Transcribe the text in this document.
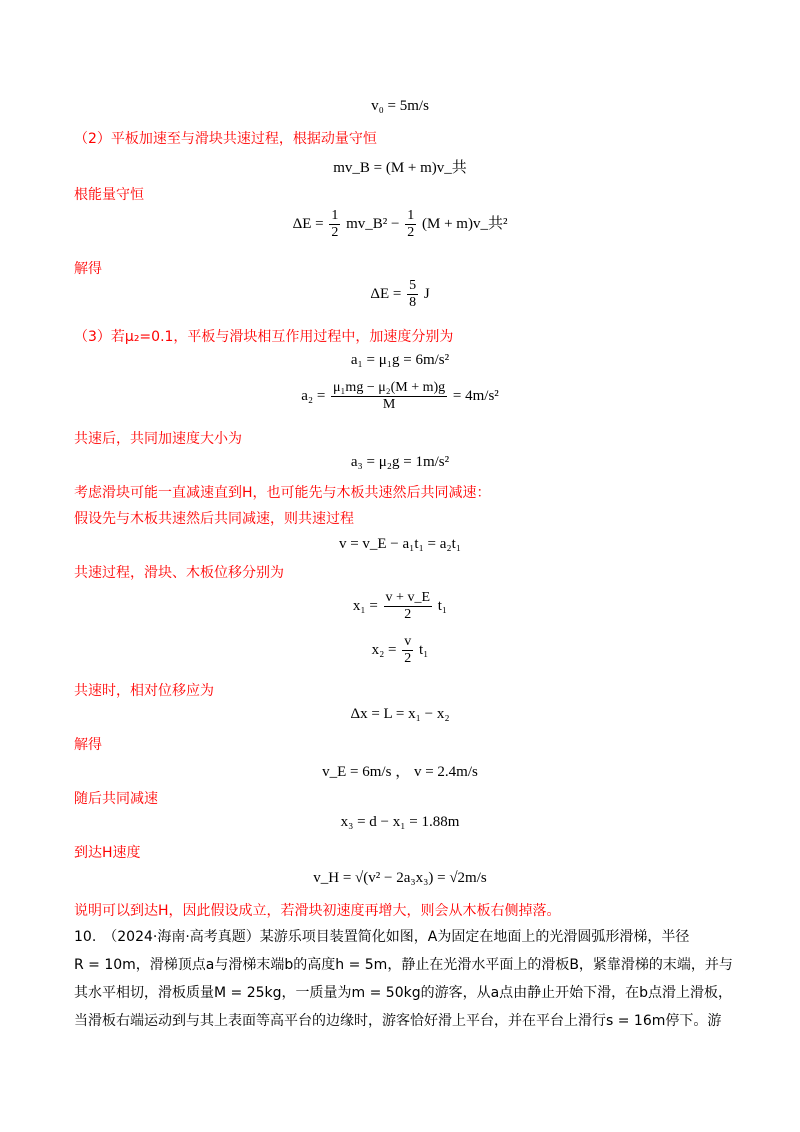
v₀ = 5m/s
（2）平板加速至与滑块共速过程，根据动量守恒
mv_B = (M + m)v_共
根能量守恒
$\Delta E = \frac{1}{2}$ mv_B² − $\frac{1}{2} (M$ + m)v_共²
解得
$\Delta E = \frac{5}{8}$ J
（3）若μ₂=0.1，平板与滑块相互作用过程中，加速度分别为
a₁ = μ₁g = 6m/s²
$a_2 = \frac{\text{μ₁mg − μ₂(M + m)g}}{M} = 4m/s^2$
共速后，共同加速度大小为
a₃ = μ₂g = 1m/s²
考虑滑块可能一直减速直到H，也可能先与木板共速然后共同减速：
假设先与木板共速然后共同减速，则共速过程
v = v_E − a₁t₁ = a₂t₁
共速过程，滑块、木板位移分别为
$x_1 = \frac{v + v\_E}{2} t_1$
$x_2 = \frac{v}{2} t_1$
共速时，相对位移应为
Δx = L = x₁ − x₂
解得
v_E = 6m/s ， v = 2.4m/s
随后共同减速
x₃ = d − x₁ = 1.88m
到达H速度
v_H = √(v² − 2a₃x₃) = √2m/s
说明可以到达H，因此假设成立，若滑块初速度再增大，则会从木板右侧掉落。
10.　（2024·海南·高考真题）某游乐项目装置简化如图，A为固定在地面上的光滑圆弧形滑梯，半径
R = 10m，滑梯顶点a与滑梯末端b的高度h = 5m，静止在光滑水平面上的滑板B，紧靠滑梯的末端，并与
其水平相切，滑板质量M = 25kg，一质量为m = 50kg的游客，从a点由静止开始下滑，在b点滑上滑板，
当滑板右端运动到与其上表面等高平台的边缘时，游客恰好滑上平台，并在平台上滑行s = 16m停下。游
